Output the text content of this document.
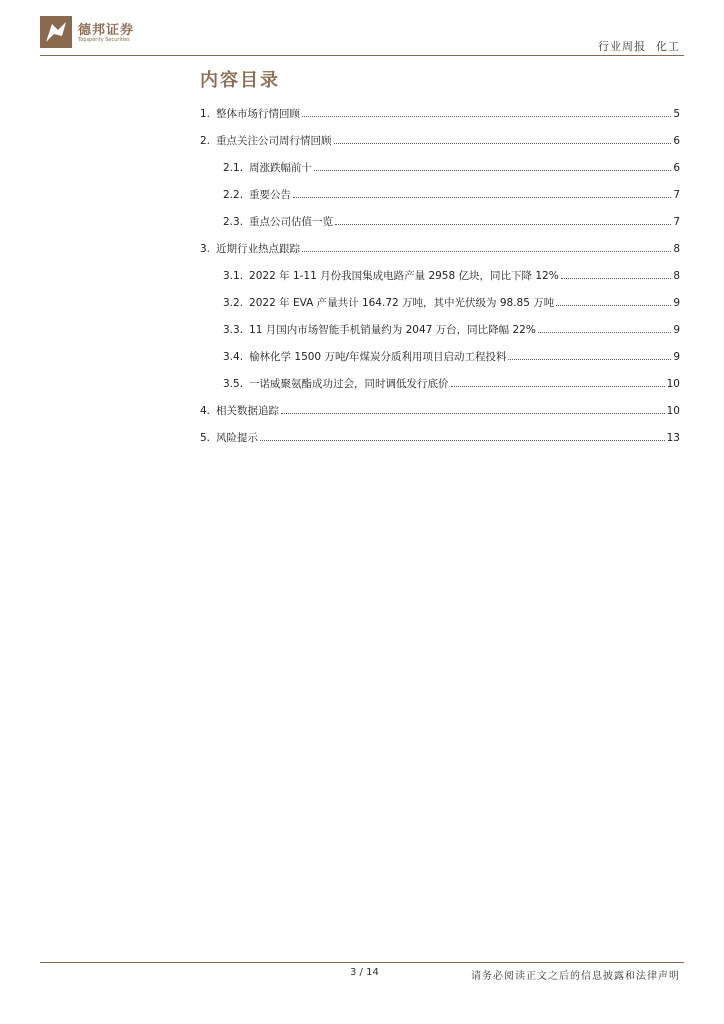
德邦证券
Topsperity Securities	行业周报 化工
内容目录
1. 整体市场行情回顾	5
2. 重点关注公司周行情回顾	6
2.1. 周涨跌幅前十	6
2.2. 重要公告	7
2.3. 重点公司估值一览	7
3. 近期行业热点跟踪	8
3.1. 2022 年 1-11 月份我国集成电路产量 2958 亿块，同比下降 12%	8
3.2. 2022 年 EVA 产量共计 164.72 万吨，其中光伏级为 98.85 万吨	9
3.3. 11 月国内市场智能手机销量约为 2047 万台，同比降幅 22%	9
3.4. 榆林化学 1500 万吨/年煤炭分质利用项目启动工程投料	9
3.5. 一诺威聚氨酯成功过会，同时调低发行底价	10
4. 相关数据追踪	10
5. 风险提示	13
3 / 14	请务必阅读正文之后的信息披露和法律声明
